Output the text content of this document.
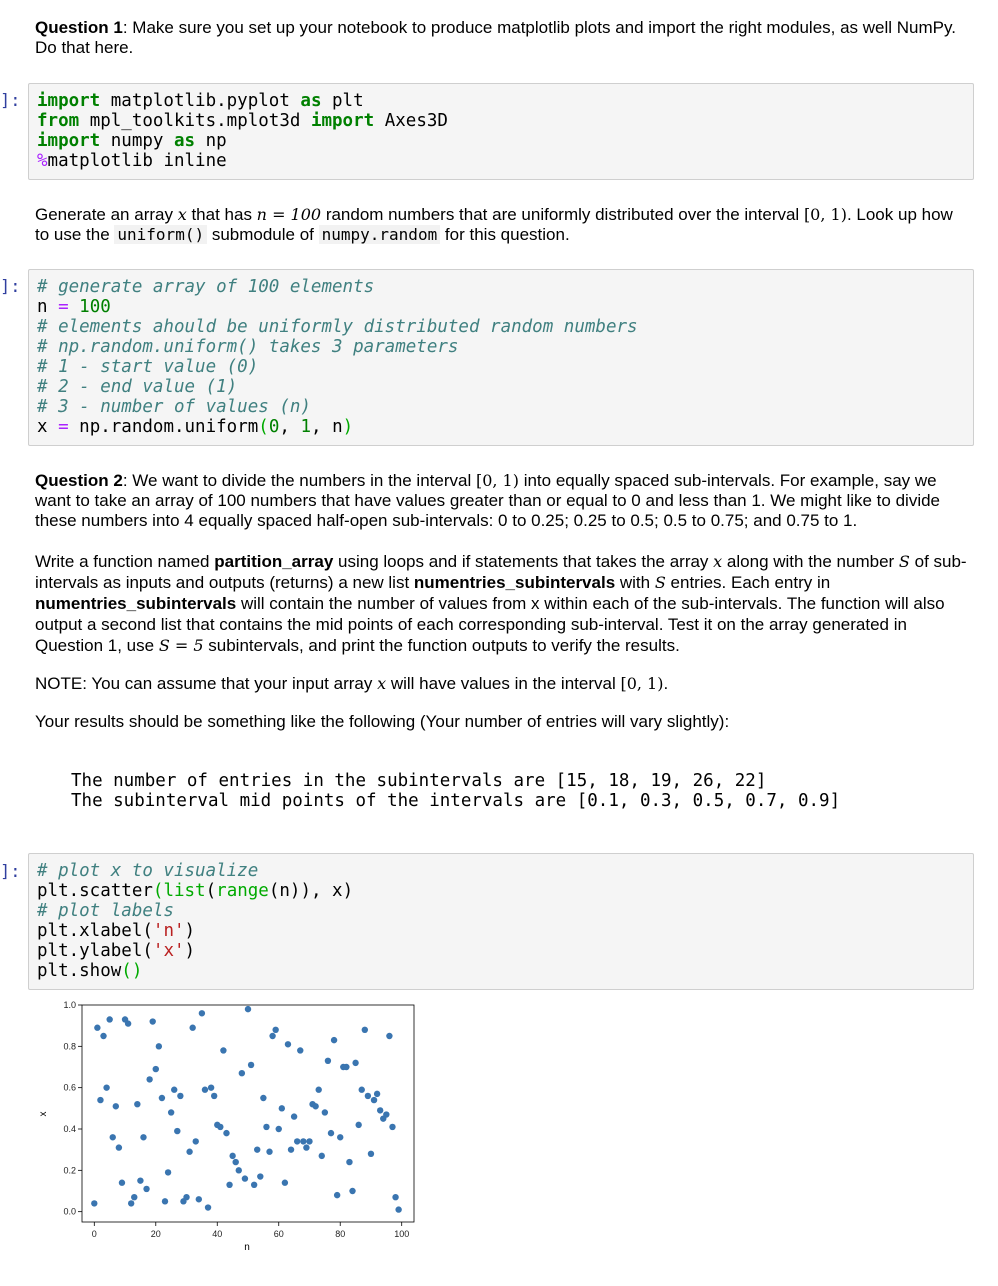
Question 1: Make sure you set up your notebook to produce matplotlib plots and import the right modules, as well NumPy. Do that here.

]: import matplotlib.pyplot as plt
from mpl_toolkits.mplot3d import Axes3D
import numpy as np
%matplotlib inline

Generate an array x that has n = 100 random numbers that are uniformly distributed over the interval [0, 1). Look up how to use the uniform() submodule of numpy.random for this question.

]: # generate array of 100 elements
n = 100
# elements ahould be uniformly distributed random numbers
# np.random.uniform() takes 3 parameters
# 1 - start value (0)
# 2 - end value (1)
# 3 - number of values (n)
x = np.random.uniform(0, 1, n)

Question 2: We want to divide the numbers in the interval [0, 1) into equally spaced sub-intervals. For example, say we want to take an array of 100 numbers that have values greater than or equal to 0 and less than 1. We might like to divide these numbers into 4 equally spaced half-open sub-intervals: 0 to 0.25; 0.25 to 0.5; 0.5 to 0.75; and 0.75 to 1.

Write a function named partition_array using loops and if statements that takes the array x along with the number S of sub-intervals as inputs and outputs (returns) a new list numentries_subintervals with S entries. Each entry in numentries_subintervals will contain the number of values from x within each of the sub-intervals. The function will also output a second list that contains the mid points of each corresponding sub-interval. Test it on the array generated in Question 1, use S = 5 subintervals, and print the function outputs to verify the results.

NOTE: You can assume that your input array x will have values in the interval [0, 1).

Your results should be something like the following (Your number of entries will vary slightly):

The number of entries in the subintervals are [15, 18, 19, 26, 22]
The subinterval mid points of the intervals are [0.1, 0.3, 0.5, 0.7, 0.9]
]: # plot x to visualize
plt.scatter(list(range(n)), x)
# plot labels
plt.xlabel('n')
plt.ylabel('x')
plt.show()
0	20	40	60	80	100
0.0
0.2
0.4
0.6
0.8
1.0
n
x
